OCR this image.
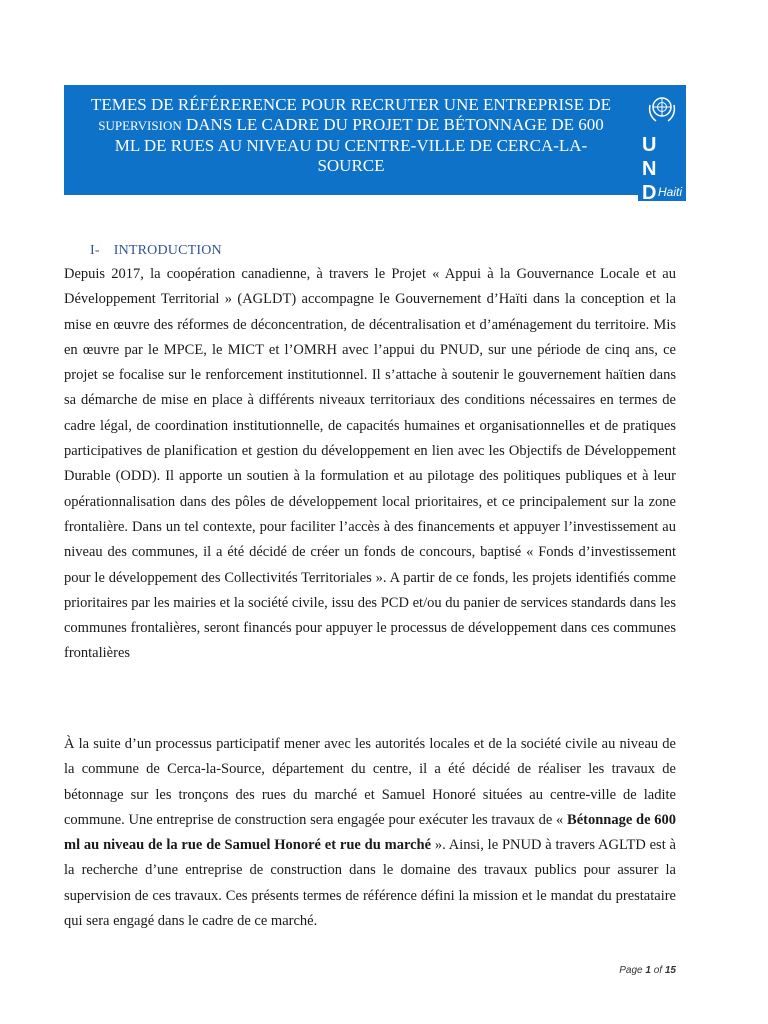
TEMES DE RÉFÉRERENCE POUR RECRUTER UNE ENTREPRISE DE
SUPERVISION DANS LE CADRE DU PROJET DE BÉTONNAGE DE 600
ML DE RUES AU NIVEAU DU CENTRE-VILLE DE CERCA-LA-
SOURCE
U N
D P
Haiti
I- INTRODUCTION
Depuis 2017, la coopération canadienne, à travers le Projet « Appui à la Gouvernance Locale et au Développement Territorial » (AGLDT) accompagne le Gouvernement d’Haïti dans la conception et la mise en œuvre des réformes de déconcentration, de décentralisation et d’aménagement du territoire. Mis en œuvre par le MPCE, le MICT et l’OMRH avec l’appui du PNUD, sur une période de cinq ans, ce projet se focalise sur le renforcement institutionnel. Il s’attache à soutenir le gouvernement haïtien dans sa démarche de mise en place à différents niveaux territoriaux des conditions nécessaires en termes de cadre légal, de coordination institutionnelle, de capacités humaines et organisationnelles et de pratiques participatives de planification et gestion du développement en lien avec les Objectifs de Développement Durable (ODD). Il apporte un soutien à la formulation et au pilotage des politiques publiques et à leur opérationnalisation dans des pôles de développement local prioritaires, et ce principalement sur la zone frontalière. Dans un tel contexte, pour faciliter l’accès à des financements et appuyer l’investissement au niveau des communes, il a été décidé de créer un fonds de concours, baptisé « Fonds d’investissement pour le développement des Collectivités Territoriales ». A partir de ce fonds, les projets identifiés comme prioritaires par les mairies et la société civile, issu des PCD et/ou du panier de services standards dans les communes frontalières, seront financés pour appuyer le processus de développement dans ces communes frontalières
À la suite d’un processus participatif mener avec les autorités locales et de la société civile au niveau de la commune de Cerca-la-Source, département du centre, il a été décidé de réaliser les travaux de bétonnage sur les tronçons des rues du marché et Samuel Honoré situées au centre-ville de ladite commune. Une entreprise de construction sera engagée pour exécuter les travaux de « Bétonnage de 600 ml au niveau de la rue de Samuel Honoré et rue du marché ». Ainsi, le PNUD à travers AGLTD est à la recherche d’une entreprise de construction dans le domaine des travaux publics pour assurer la supervision de ces travaux. Ces présents termes de référence défini la mission et le mandat du prestataire qui sera engagé dans le cadre de ce marché.
Page 1 of 15
